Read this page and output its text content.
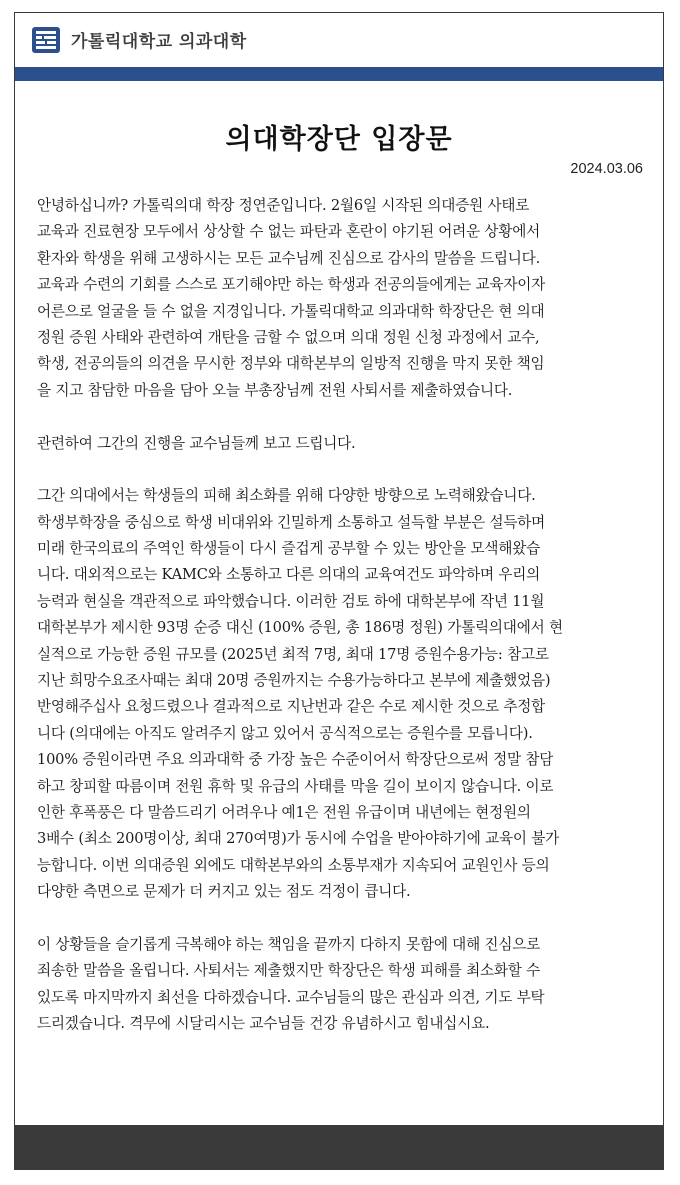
가톨릭대학교 의과대학
의대학장단 입장문
2024.03.06
안녕하십니까? 가톨릭의대 학장 정연준입니다. 2월6일 시작된 의대증원 사태로
교육과 진료현장 모두에서 상상할 수 없는 파탄과 혼란이 야기된 어려운 상황에서
환자와 학생을 위해 고생하시는 모든 교수님께 진심으로 감사의 말씀을 드립니다.
교육과 수련의 기회를 스스로 포기해야만 하는 학생과 전공의들에게는 교육자이자
어른으로 얼굴을 들 수 없을 지경입니다. 가톨릭대학교 의과대학 학장단은 현 의대
정원 증원 사태와 관련하여 개탄을 금할 수 없으며 의대 정원 신청 과정에서 교수,
학생, 전공의들의 의견을 무시한 정부와 대학본부의 일방적 진행을 막지 못한 책임
을 지고 참담한 마음을 담아 오늘 부총장님께 전원 사퇴서를 제출하였습니다.
관련하여 그간의 진행을 교수님들께 보고 드립니다.
그간 의대에서는 학생들의 피해 최소화를 위해 다양한 방향으로 노력해왔습니다.
학생부학장을 중심으로 학생 비대위와 긴밀하게 소통하고 설득할 부분은 설득하며
미래 한국의료의 주역인 학생들이 다시 즐겁게 공부할 수 있는 방안을 모색해왔습
니다. 대외적으로는 KAMC와 소통하고 다른 의대의 교육여건도 파악하며 우리의
능력과 현실을 객관적으로 파악했습니다. 이러한 검토 하에 대학본부에 작년 11월
대학본부가 제시한 93명 순증 대신 (100% 증원, 총 186명 정원) 가톨릭의대에서 현
실적으로 가능한 증원 규모를 (2025년 최적 7명, 최대 17명 증원수용가능: 참고로
지난 희망수요조사때는 최대 20명 증원까지는 수용가능하다고 본부에 제출했었음)
반영해주십사 요청드렸으나 결과적으로 지난번과 같은 수로 제시한 것으로 추정합
니다 (의대에는 아직도 알려주지 않고 있어서 공식적으로는 증원수를 모릅니다).
100% 증원이라면 주요 의과대학 중 가장 높은 수준이어서 학장단으로써 정말 참담
하고 창피할 따름이며 전원 휴학 및 유급의 사태를 막을 길이 보이지 않습니다. 이로
인한 후폭풍은 다 말씀드리기 어려우나 예1은 전원 유급이며 내년에는 현정원의
3배수 (최소 200명이상, 최대 270여명)가 동시에 수업을 받아야하기에 교육이 불가
능합니다. 이번 의대증원 외에도 대학본부와의 소통부재가 지속되어 교원인사 등의
다양한 측면으로 문제가 더 커지고 있는 점도 걱정이 큽니다.
이 상황들을 슬기롭게 극복해야 하는 책임을 끝까지 다하지 못함에 대해 진심으로
죄송한 말씀을 올립니다. 사퇴서는 제출했지만 학장단은 학생 피해를 최소화할 수
있도록 마지막까지 최선을 다하겠습니다. 교수님들의 많은 관심과 의견, 기도 부탁
드리겠습니다. 격무에 시달리시는 교수님들 건강 유념하시고 힘내십시요.
